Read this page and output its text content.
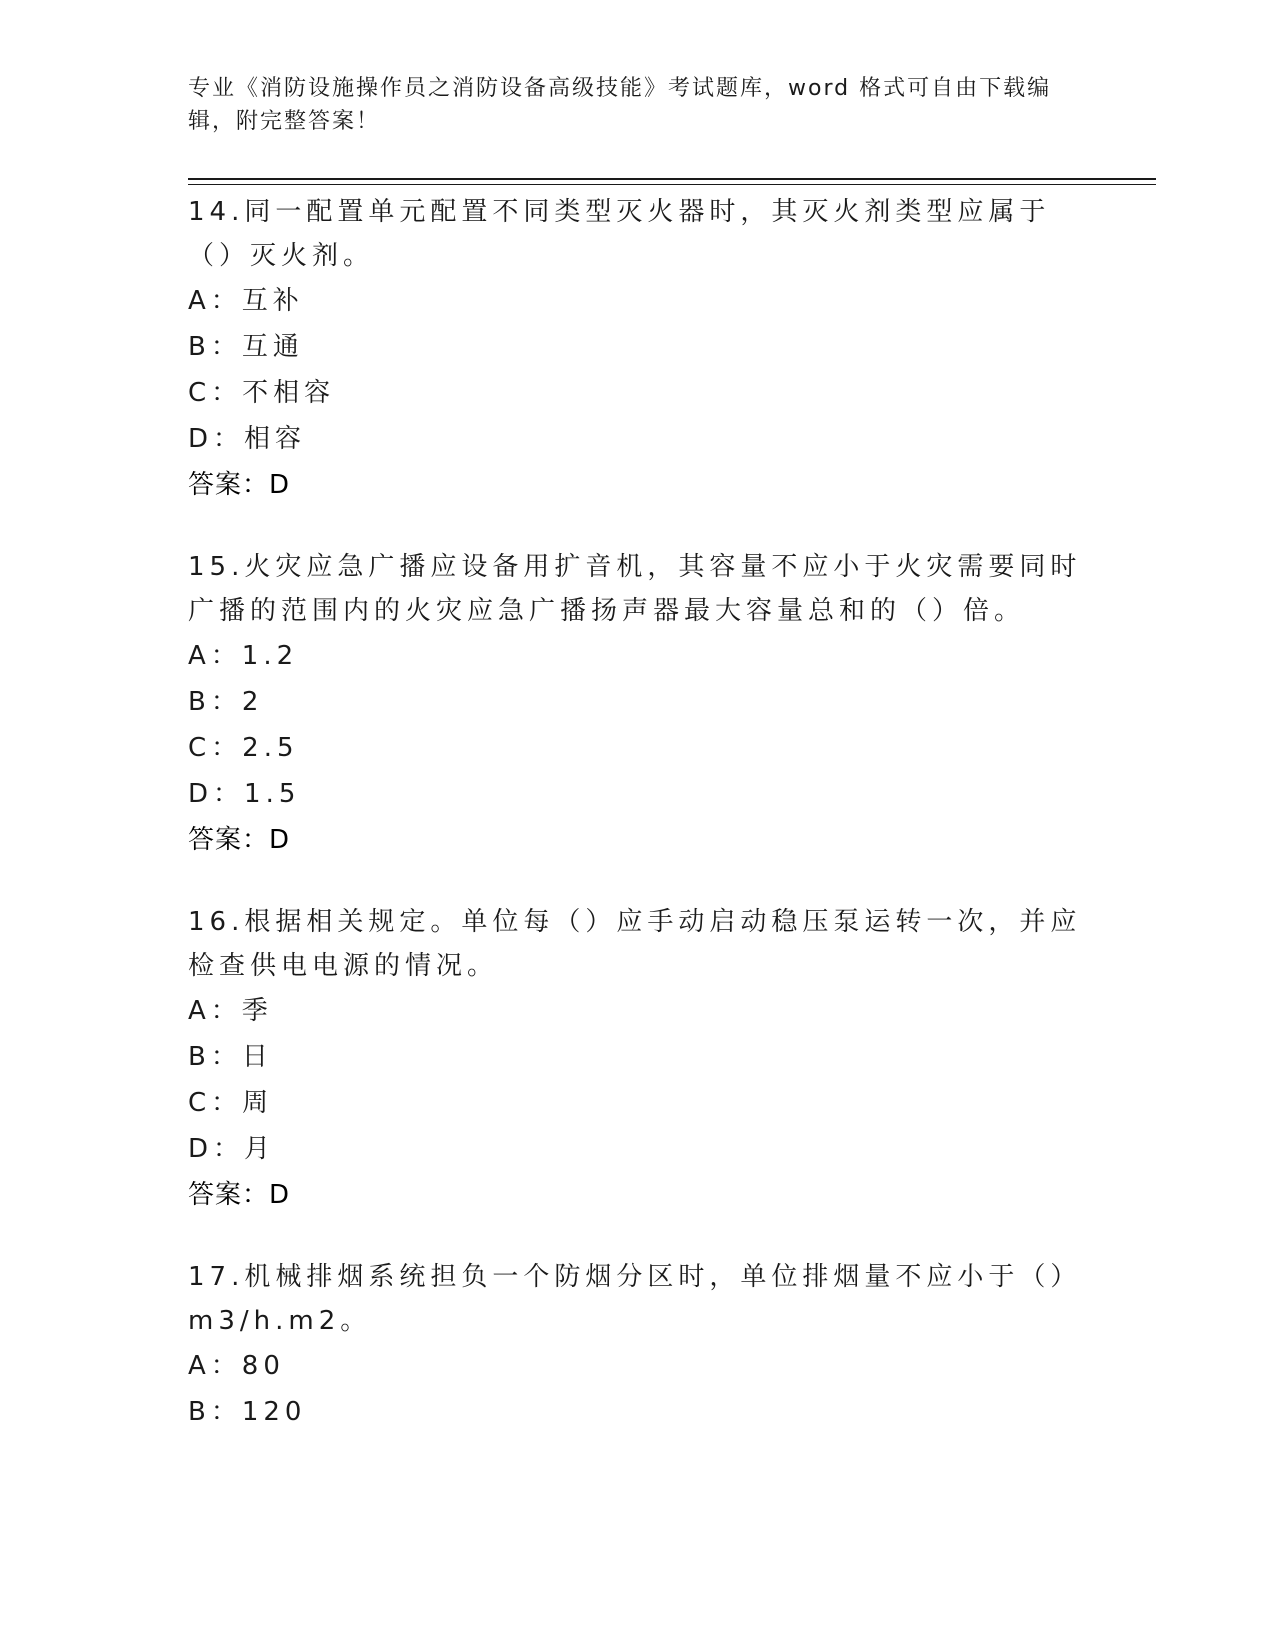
专业《消防设施操作员之消防设备高级技能》考试题库，word 格式可自由下载编辑，附完整答案！

14.同一配置单元配置不同类型灭火器时，其灭火剂类型应属于（）灭火剂。

A：互补

B：互通

C：不相容

D：相容

答案：D

15.火灾应急广播应设备用扩音机，其容量不应小于火灾需要同时广播的范围内的火灾应急广播扬声器最大容量总和的（）倍。

A：1.2

B：2

C：2.5

D：1.5

答案：D

16.根据相关规定。单位每（）应手动启动稳压泵运转一次，并应检查供电电源的情况。

A：季

B：日

C：周

D：月

答案：D

17.机械排烟系统担负一个防烟分区时，单位排烟量不应小于（）m3/h.m2。

A：80

B：120
